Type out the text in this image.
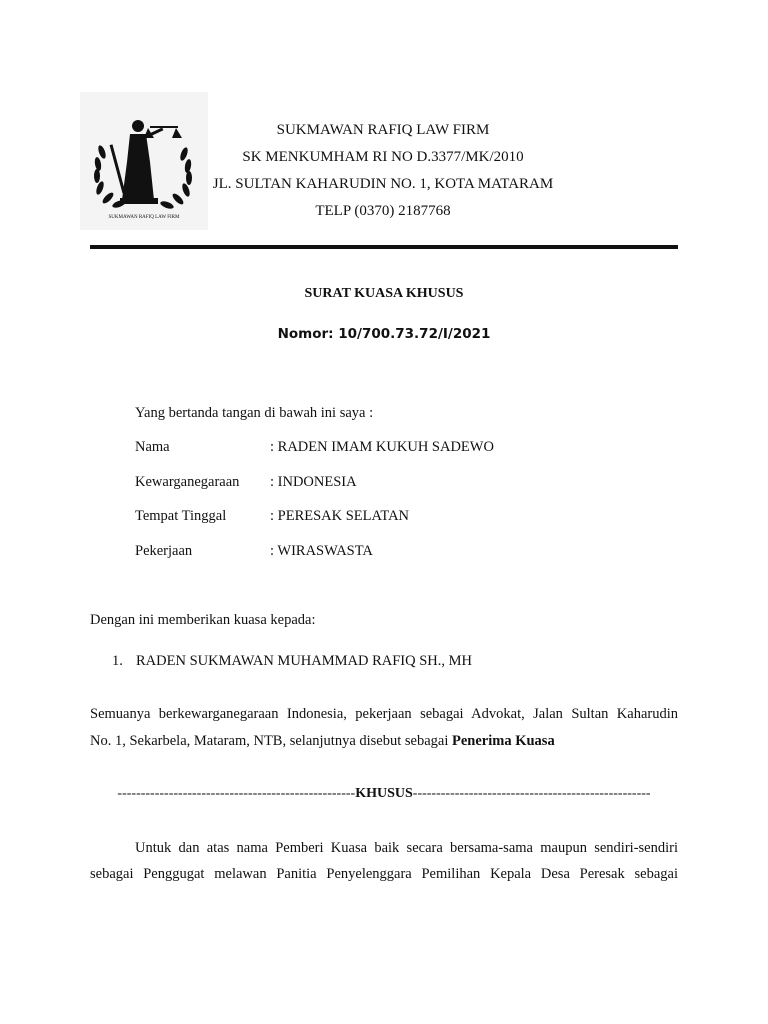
SUKMAWAN RAFIQ LAW FIRM
SUKMAWAN RAFIQ LAW FIRM
SK MENKUMHAM RI NO D.3377/MK/2010
JL. SULTAN KAHARUDIN NO. 1, KOTA MATARAM
TELP (0370) 2187768
SURAT KUASA KHUSUS
Nomor: 10/700.73.72/I/2021
Yang bertanda tangan di bawah ini saya :
Nama	: RADEN IMAM KUKUH SADEWO
Kewarganegaraan : INDONESIA
Tempat Tinggal	: PERESAK SELATAN
Pekerjaan	: WIRASWASTA
Dengan ini memberikan kuasa kepada:
1. RADEN SUKMAWAN MUHAMMAD RAFIQ SH., MH
Semuanya berkewarganegaraan Indonesia, pekerjaan sebagai Advokat, Jalan Sultan Kaharudin
No. 1, Sekarbela, Mataram, NTB, selanjutnya disebut sebagai Penerima Kuasa
---------------------------------------------------KHUSUS---------------------------------------------------
Untuk dan atas nama Pemberi Kuasa baik secara bersama-sama maupun sendiri-sendiri
sebagai Penggugat melawan Panitia Penyelenggara Pemilihan Kepala Desa Peresak sebagai
